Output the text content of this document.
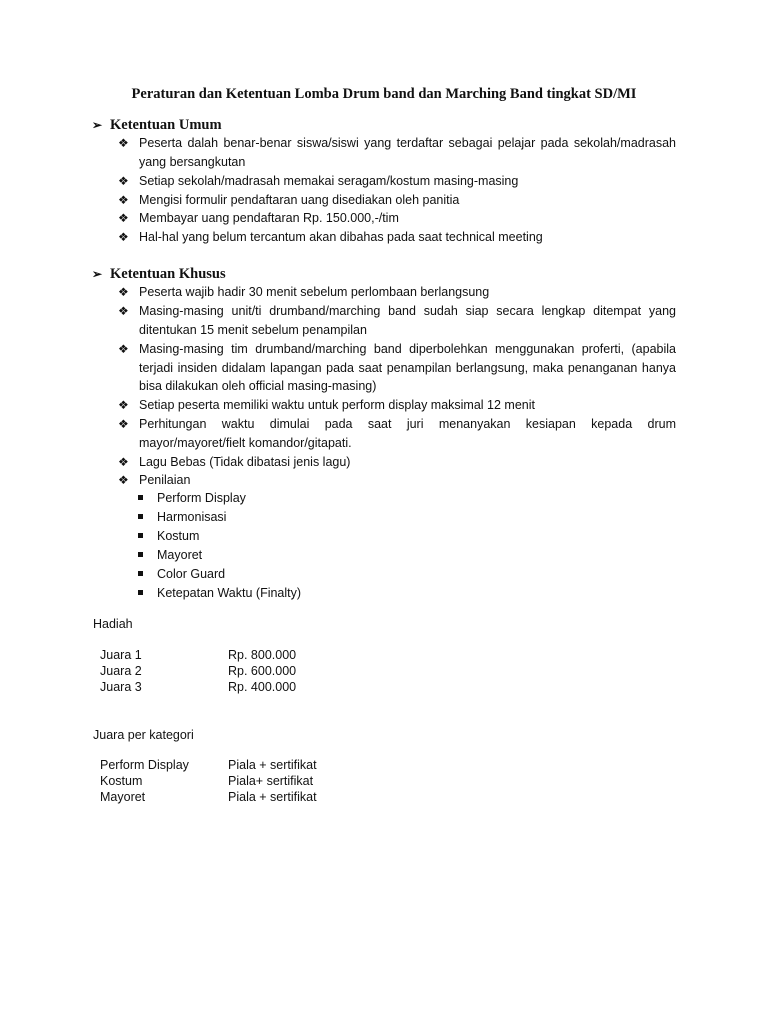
Peraturan dan Ketentuan Lomba Drum band dan Marching Band tingkat SD/MI
➢ Ketentuan Umum
❖ Peserta dalah benar-benar siswa/siswi yang terdaftar sebagai pelajar pada sekolah/madrasah yang bersangkutan
❖ Setiap sekolah/madrasah memakai seragam/kostum masing-masing
❖ Mengisi formulir pendaftaran uang disediakan oleh panitia
❖ Membayar uang pendaftaran Rp. 150.000,-/tim
❖ Hal-hal yang belum tercantum akan dibahas pada saat technical meeting
➢ Ketentuan Khusus
❖ Peserta wajib hadir 30 menit sebelum perlombaan berlangsung
❖ Masing-masing unit/ti drumband/marching band sudah siap secara lengkap ditempat yang ditentukan 15 menit sebelum penampilan
❖ Masing-masing tim drumband/marching band diperbolehkan menggunakan proferti, (apabila terjadi insiden didalam lapangan pada saat penampilan berlangsung, maka penanganan hanya bisa dilakukan oleh official masing-masing)
❖ Setiap peserta memiliki waktu untuk perform display maksimal 12 menit
❖ Perhitungan waktu dimulai pada saat juri menanyakan kesiapan kepada drum mayor/mayoret/fielt komandor/gitapati.
❖ Lagu Bebas (Tidak dibatasi jenis lagu)
❖ Penilaian
Perform Display
Harmonisasi
Kostum
Mayoret
Color Guard
Ketepatan Waktu (Finalty)
Hadiah
Juara 1	Rp. 800.000
Juara 2	Rp. 600.000
Juara 3	Rp. 400.000
Juara per kategori
Perform Display	Piala + sertifikat
Kostum	Piala+ sertifikat
Mayoret	Piala + sertifikat
